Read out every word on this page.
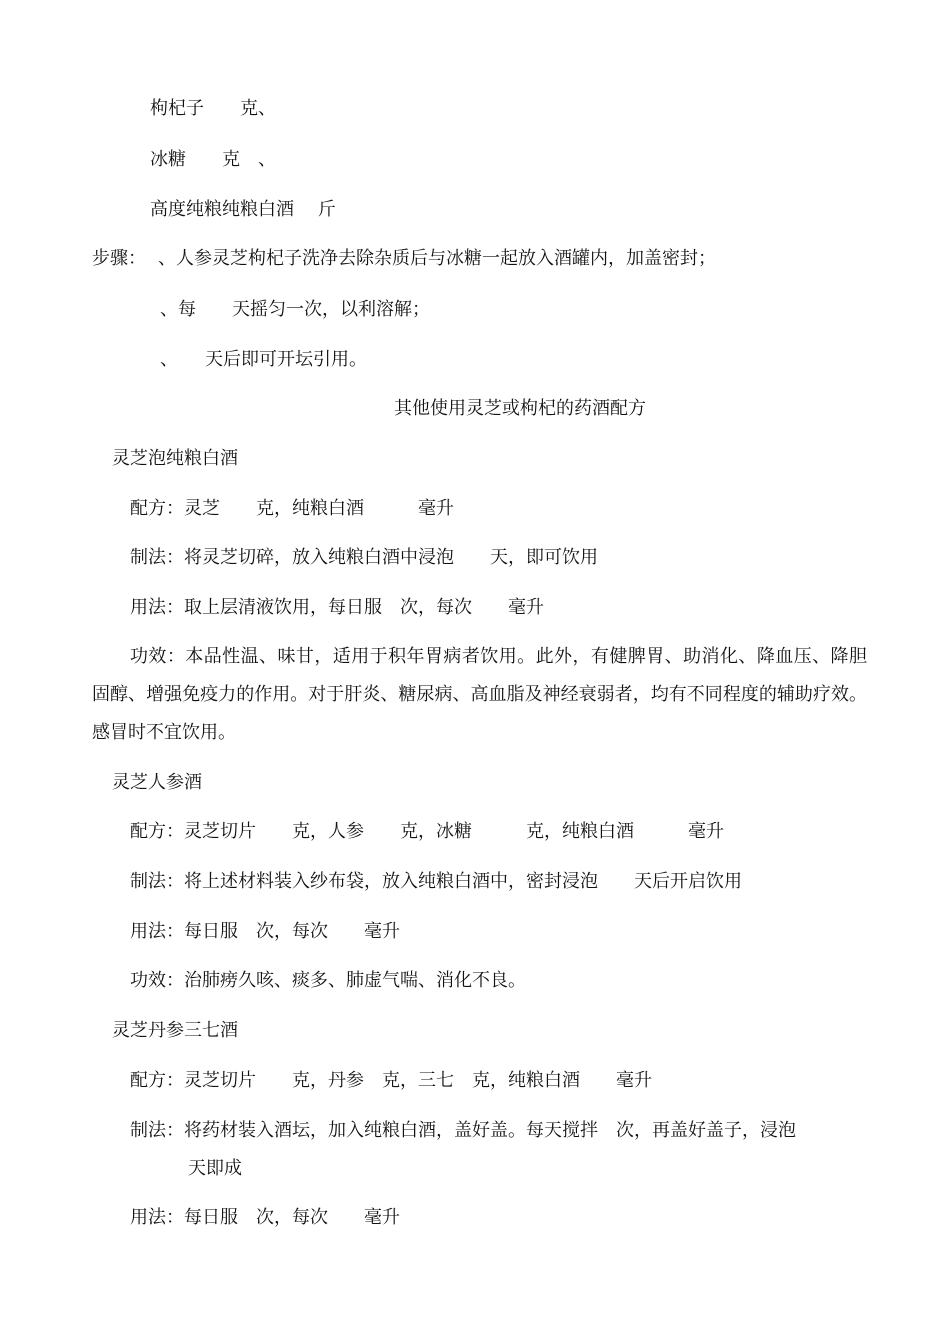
枸杞子　　克、

冰糖　　克　、

高度纯粮纯粮白酒　 斤

步骤：

　、人参灵芝枸杞子洗净去除杂质后与冰糖一起放入酒罐内，加盖密封；

、每　　天摇匀一次，以利溶解；

、　　天后即可开坛引用。

其他使用灵芝或枸杞的药酒配方

灵芝泡纯粮白酒

配方：灵芝　　克，纯粮白酒　　　毫升

制法：将灵芝切碎，放入纯粮白酒中浸泡　　天，即可饮用

用法：取上层清液饮用，每日服　次，每次　　毫升

功效：本品性温、味甘，适用于积年胃病者饮用。此外，有健脾胃、助消化、降血压、降胆固醇、增强免疫力的作用。对于肝炎、糖尿病、高血脂及神经衰弱者，均有不同程度的辅助疗效。感冒时不宜饮用。

灵芝人参酒

配方：灵芝切片　　克，人参　　克，冰糖　　　克，纯粮白酒　　　毫升

制法：将上述材料装入纱布袋，放入纯粮白酒中，密封浸泡　　天后开启饮用

用法：每日服　次，每次　　毫升

功效：治肺痨久咳、痰多、肺虚气喘、消化不良。

灵芝丹参三七酒

配方：灵芝切片　　克，丹参　克，三七　克，纯粮白酒　　毫升

制法：将药材装入酒坛，加入纯粮白酒，盖好盖。每天搅拌　次，再盖好盖子，浸泡

天即成

用法：每日服　次，每次　　毫升
